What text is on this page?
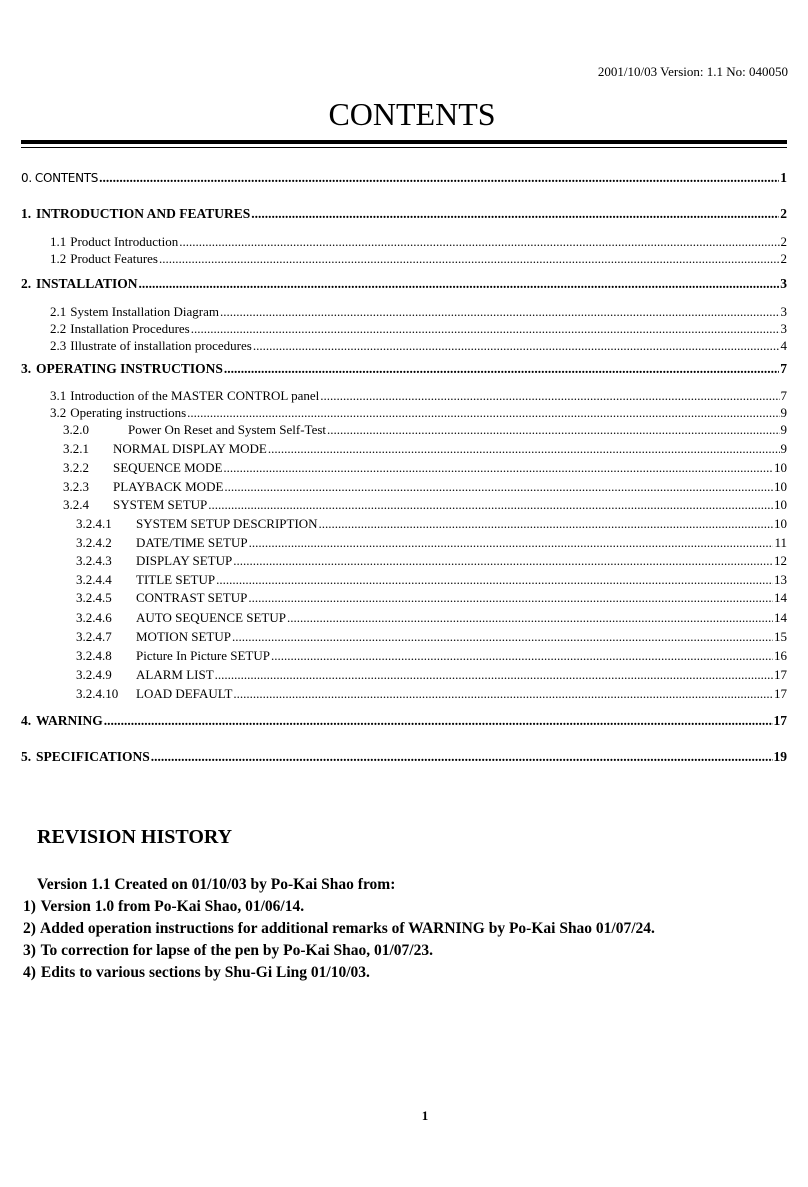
2001/10/03 Version: 1.1 No: 040050
CONTENTS
0. CONTENTS .....	1
1. INTRODUCTION AND FEATURES .....	2
1.1 Product Introduction .....	2
1.2 Product Features .....	2
2. INSTALLATION .....	3
2.1 System Installation Diagram .....	3
2.2 Installation Procedures .....	3
2.3 Illustrate of installation procedures .....	4
3. OPERATING INSTRUCTIONS .....	7
3.1 Introduction of the MASTER CONTROL panel .....	7
3.2 Operating instructions .....	9
3.2.0	Power On Reset and System Self-Test .....	9
3.2.1	NORMAL DISPLAY MODE .....	9
3.2.2	SEQUENCE MODE .....	10
3.2.3	PLAYBACK MODE .....	10
3.2.4	SYSTEM SETUP .....	10
3.2.4.1	SYSTEM SETUP DESCRIPTION .....	10
3.2.4.2	DATE/TIME SETUP .....	11
3.2.4.3	DISPLAY SETUP .....	12
3.2.4.4	TITLE SETUP .....	13
3.2.4.5	CONTRAST SETUP .....	14
3.2.4.6	AUTO SEQUENCE SETUP .....	14
3.2.4.7	MOTION SETUP .....	15
3.2.4.8	Picture In Picture SETUP .....	16
3.2.4.9	ALARM LIST .....	17
3.2.4.10	LOAD DEFAULT .....	17
4. WARNING .....	17
5. SPECIFICATIONS .....	19
REVISION HISTORY
Version 1.1 Created on 01/10/03 by Po-Kai Shao from:
1) Version 1.0 from Po-Kai Shao, 01/06/14.
2) Added operation instructions for additional remarks of WARNING by Po-Kai Shao 01/07/24.
3) To correction for lapse of the pen by Po-Kai Shao, 01/07/23.
4) Edits to various sections by Shu-Gi Ling 01/10/03.
1
